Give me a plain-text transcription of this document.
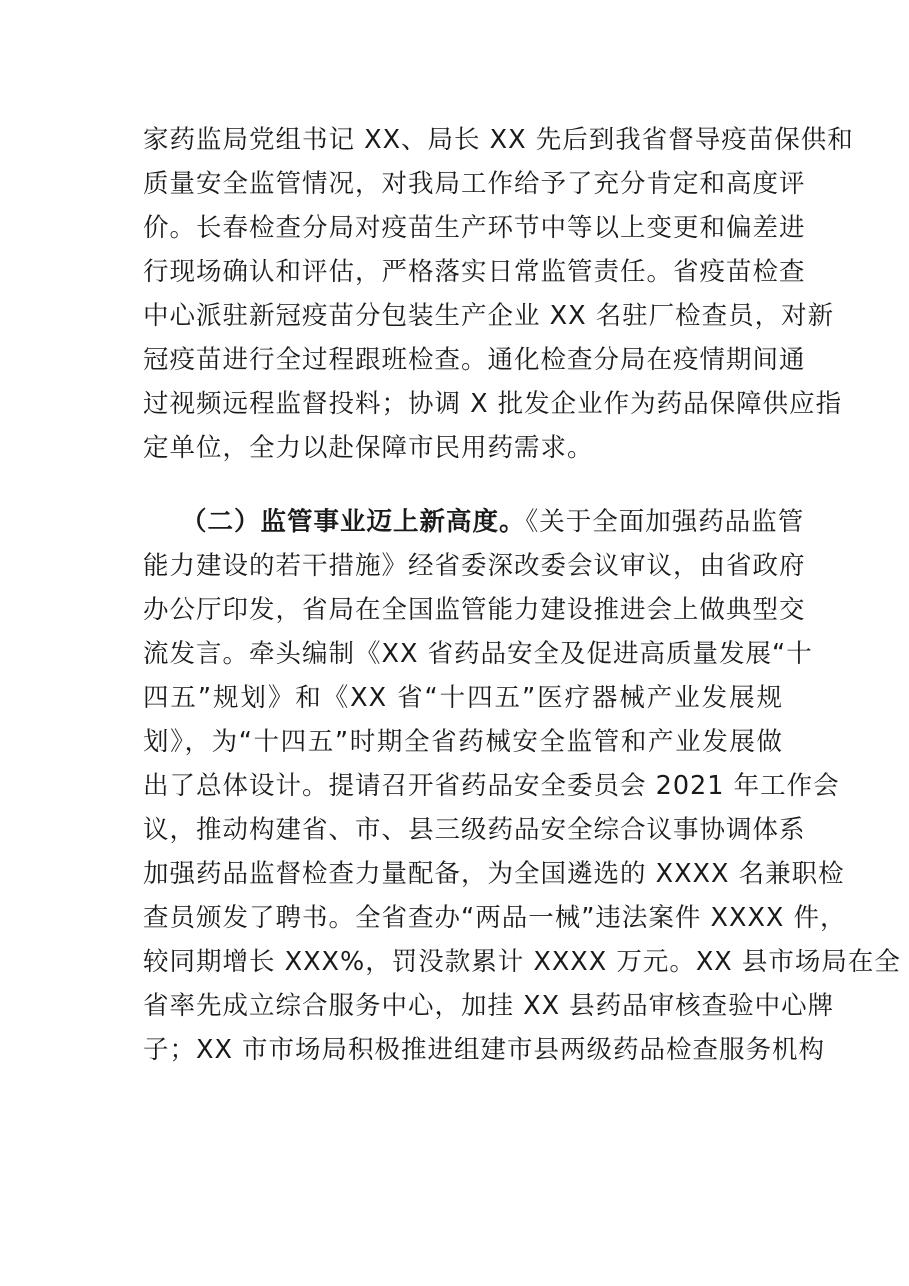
家药监局党组书记 XX、局长 XX 先后到我省督导疫苗保供和
质量安全监管情况，对我局工作给予了充分肯定和高度评
价。长春检查分局对疫苗生产环节中等以上变更和偏差进
行现场确认和评估，严格落实日常监管责任。省疫苗检查
中心派驻新冠疫苗分包装生产企业 XX 名驻厂检查员，对新
冠疫苗进行全过程跟班检查。通化检查分局在疫情期间通
过视频远程监督投料；协调 X 批发企业作为药品保障供应指
定单位，全力以赴保障市民用药需求。
（二）监管事业迈上新高度。《关于全面加强药品监管
能力建设的若干措施》经省委深改委会议审议，由省政府
办公厅印发，省局在全国监管能力建设推进会上做典型交
流发言。牵头编制《XX 省药品安全及促进高质量发展“十
四五”规划》和《XX 省“十四五”医疗器械产业发展规
划》，为“十四五”时期全省药械安全监管和产业发展做
出了总体设计。提请召开省药品安全委员会 2021 年工作会
议，推动构建省、市、县三级药品安全综合议事协调体系
加强药品监督检查力量配备，为全国遴选的 XXXX 名兼职检
查员颁发了聘书。全省查办“两品一械”违法案件 XXXX 件，
较同期增长 XXX%，罚没款累计 XXXX 万元。XX 县市场局在全
省率先成立综合服务中心，加挂 XX 县药品审核查验中心牌
子；XX 市市场局积极推进组建市县两级药品检查服务机构
